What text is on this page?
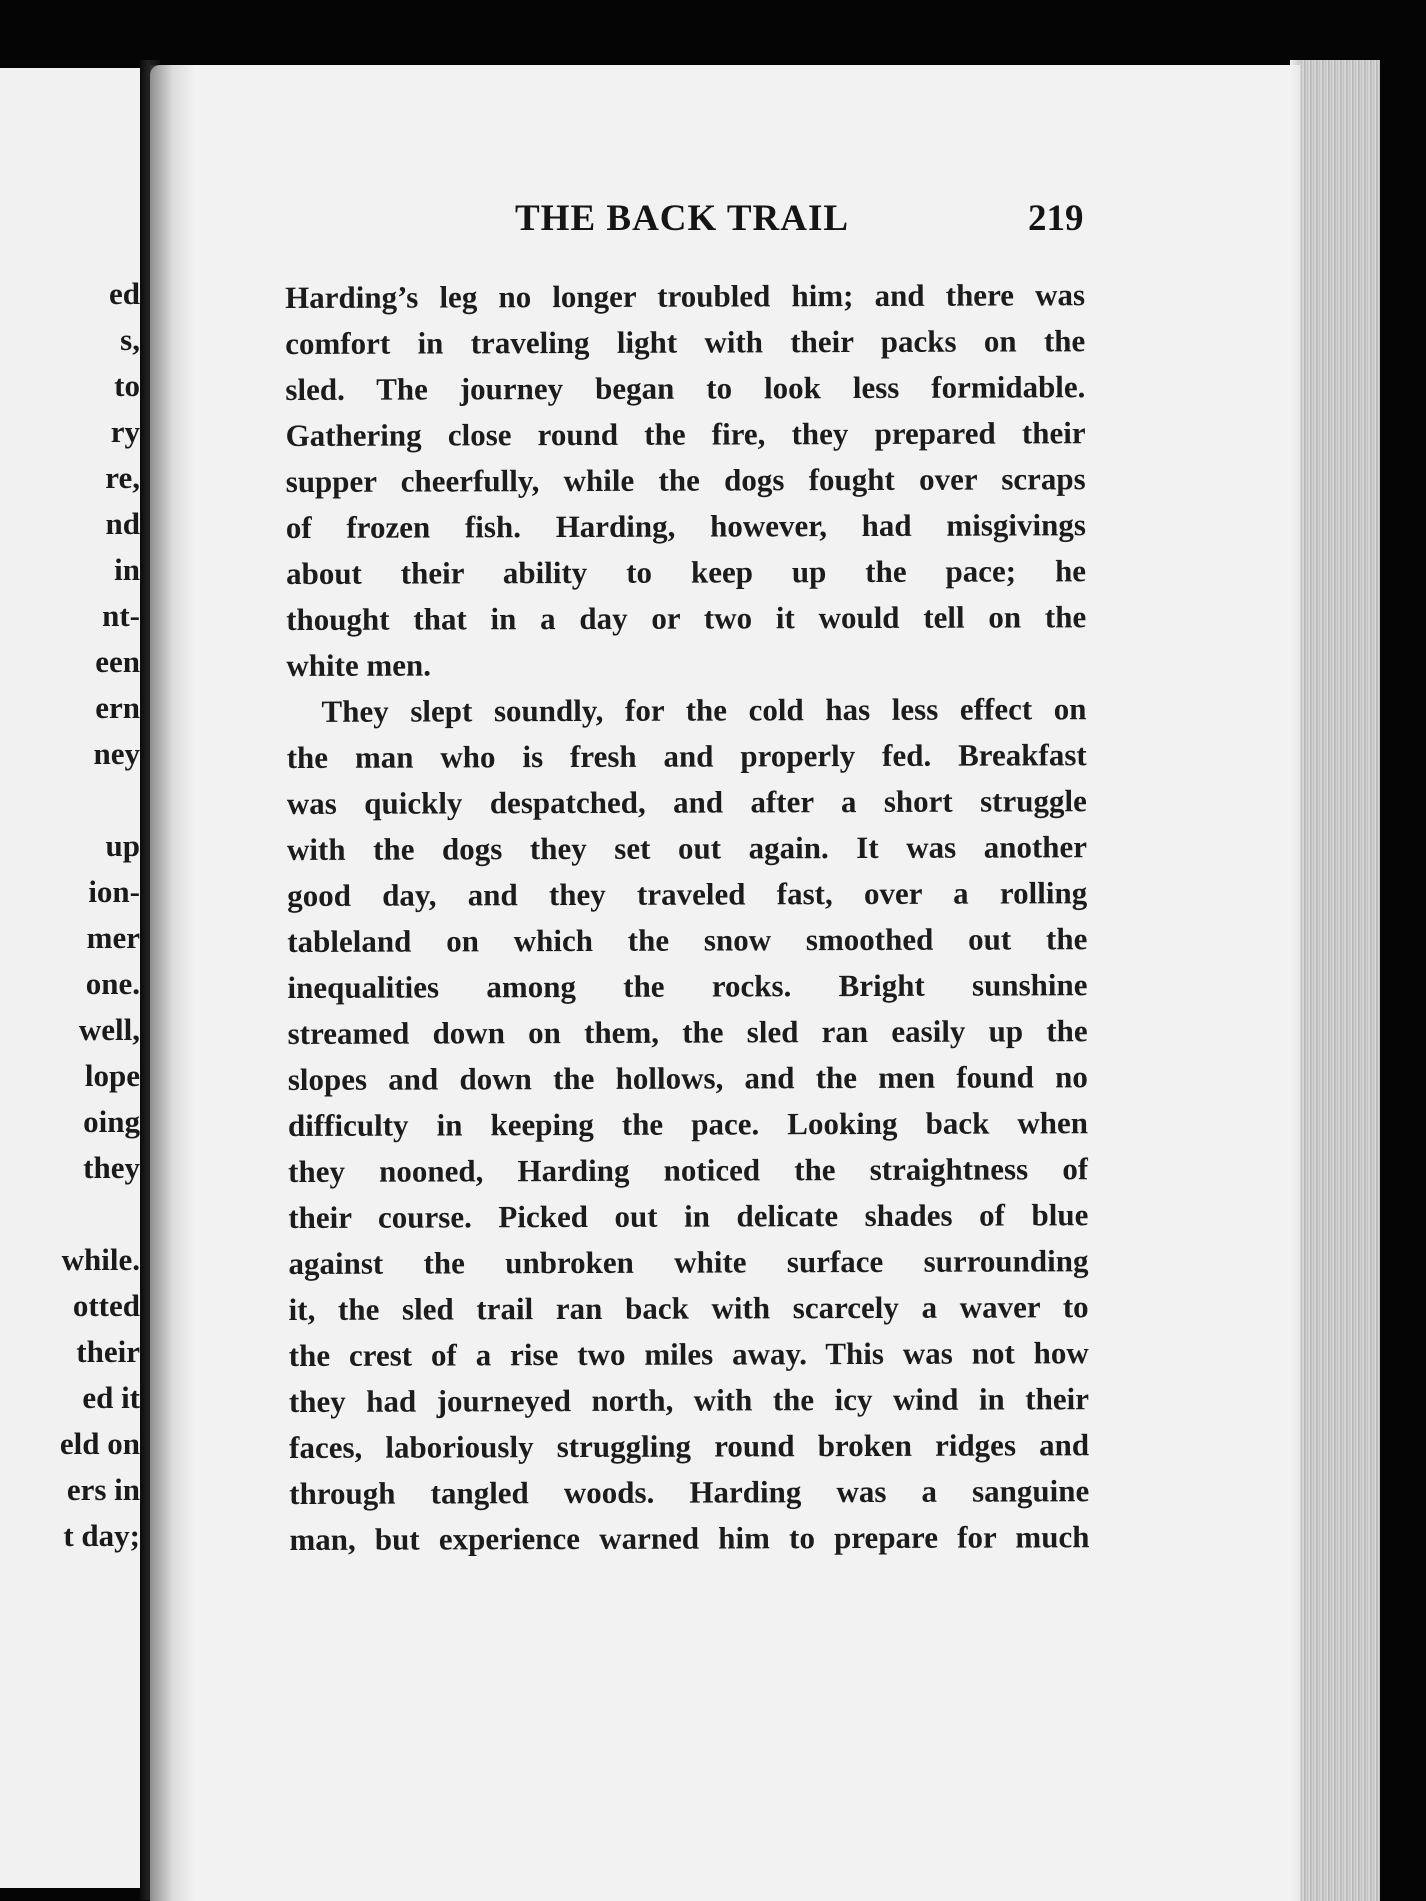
ed
s,
to
ry
re,
nd
in
nt-
een
ern
ney
up
ion-
mer
one.
well,
lope
oing
they
while.
otted
their
ed it
eld on
ers in
t day;
THE BACK TRAIL	219
Harding’s leg no longer troubled him; and there was
comfort in traveling light with their packs on the
sled. The journey began to look less formidable.
Gathering close round the fire, they prepared their
supper cheerfully, while the dogs fought over scraps
of frozen fish. Harding, however, had misgivings
about their ability to keep up the pace; he
thought that in a day or two it would tell on the
white men.
They slept soundly, for the cold has less effect on
the man who is fresh and properly fed. Breakfast
was quickly despatched, and after a short struggle
with the dogs they set out again. It was another
good day, and they traveled fast, over a rolling
tableland on which the snow smoothed out the
inequalities among the rocks. Bright sunshine
streamed down on them, the sled ran easily up the
slopes and down the hollows, and the men found no
difficulty in keeping the pace. Looking back when
they nooned, Harding noticed the straightness of
their course. Picked out in delicate shades of blue
against the unbroken white surface surrounding
it, the sled trail ran back with scarcely a waver to
the crest of a rise two miles away. This was not how
they had journeyed north, with the icy wind in their
faces, laboriously struggling round broken ridges and
through tangled woods. Harding was a sanguine
man, but experience warned him to prepare for much
